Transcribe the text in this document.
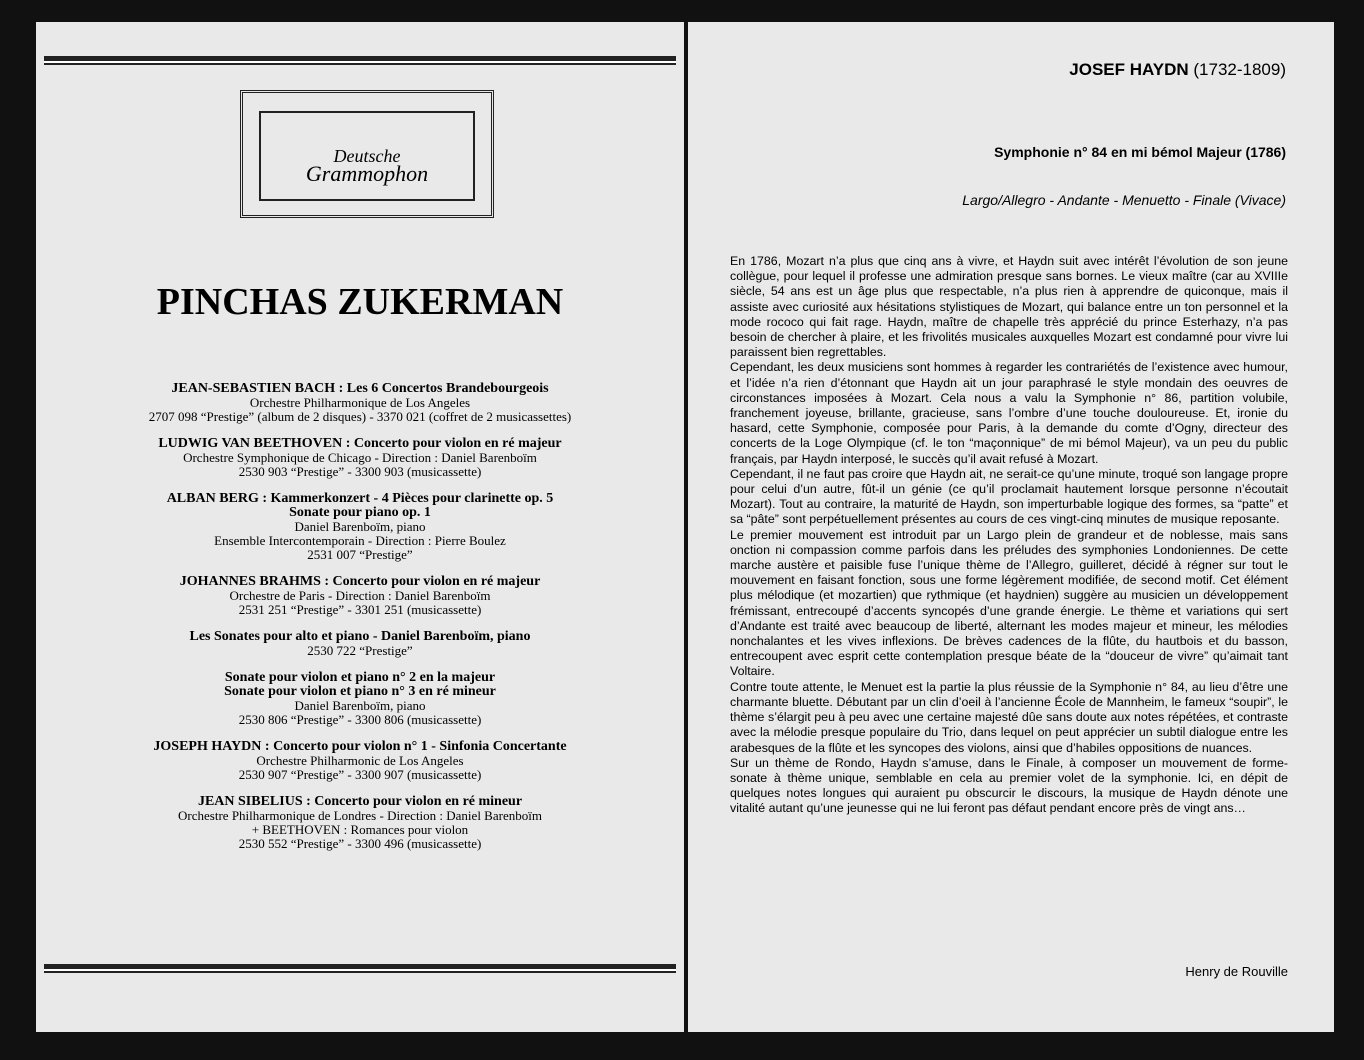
Deutsche
Grammophon
PINCHAS ZUKERMAN
JEAN-SEBASTIEN BACH : Les 6 Concertos Brandebourgeois
Orchestre Philharmonique de Los Angeles
2707 098 “Prestige” (album de 2 disques) - 3370 021 (coffret de 2 musicassettes)
LUDWIG VAN BEETHOVEN : Concerto pour violon en ré majeur
Orchestre Symphonique de Chicago - Direction : Daniel Barenboïm
2530 903 “Prestige” - 3300 903 (musicassette)
ALBAN BERG : Kammerkonzert - 4 Pièces pour clarinette op. 5
Sonate pour piano op. 1
Daniel Barenboïm, piano
Ensemble Intercontemporain - Direction : Pierre Boulez
2531 007 “Prestige”
JOHANNES BRAHMS : Concerto pour violon en ré majeur
Orchestre de Paris - Direction : Daniel Barenboïm
2531 251 “Prestige” - 3301 251 (musicassette)
Les Sonates pour alto et piano - Daniel Barenboïm, piano
2530 722 “Prestige”
Sonate pour violon et piano n° 2 en la majeur
Sonate pour violon et piano n° 3 en ré mineur
Daniel Barenboïm, piano
2530 806 “Prestige” - 3300 806 (musicassette)
JOSEPH HAYDN : Concerto pour violon n° 1 - Sinfonia Concertante
Orchestre Philharmonic de Los Angeles
2530 907 “Prestige” - 3300 907 (musicassette)
JEAN SIBELIUS : Concerto pour violon en ré mineur
Orchestre Philharmonique de Londres - Direction : Daniel Barenboïm
+ BEETHOVEN : Romances pour violon
2530 552 “Prestige” - 3300 496 (musicassette)
JOSEF HAYDN (1732-1809)
Symphonie n° 84 en mi bémol Majeur (1786)
Largo/Allegro - Andante - Menuetto - Finale (Vivace)

En 1786, Mozart n’a plus que cinq ans à vivre, et Haydn suit avec intérêt l’évolution de son jeune collègue, pour lequel il professe une admiration presque sans bornes. Le vieux maître (car au XVIIIe siècle, 54 ans est un âge plus que respectable, n’a plus rien à apprendre de quiconque, mais il assiste avec curiosité aux hésitations stylistiques de Mozart, qui balance entre un ton personnel et la mode rococo qui fait rage. Haydn, maître de chapelle très apprécié du prince Esterhazy, n’a pas besoin de chercher à plaire, et les frivolités musicales auxquelles Mozart est condamné pour vivre lui paraissent bien regrettables.

Cependant, les deux musiciens sont hommes à regarder les contrariétés de l’existence avec humour, et l’idée n’a rien d’étonnant que Haydn ait un jour paraphrasé le style mondain des oeuvres de circonstances imposées à Mozart. Cela nous a valu la Symphonie n° 86, partition volubile, franchement joyeuse, brillante, gracieuse, sans l’ombre d’une touche douloureuse. Et, ironie du hasard, cette Symphonie, composée pour Paris, à la demande du comte d’Ogny, directeur des concerts de la Loge Olympique (cf. le ton “maçonnique” de mi bémol Majeur), va un peu du public français, par Haydn interposé, le succès qu’il avait refusé à Mozart.

Cependant, il ne faut pas croire que Haydn ait, ne serait-ce qu’une minute, troqué son langage propre pour celui d’un autre, fût-il un génie (ce qu’il proclamait hautement lorsque personne n’écoutait Mozart). Tout au contraire, la maturité de Haydn, son imperturbable logique des formes, sa “patte” et sa “pâte” sont perpétuellement présentes au cours de ces vingt-cinq minutes de musique reposante.

Le premier mouvement est introduit par un Largo plein de grandeur et de noblesse, mais sans onction ni compassion comme parfois dans les préludes des symphonies Londoniennes. De cette marche austère et paisible fuse l’unique thème de l’Allegro, guilleret, décidé à régner sur tout le mouvement en faisant fonction, sous une forme légèrement modifiée, de second motif. Cet élément plus mélodique (et mozartien) que rythmique (et haydnien) suggère au musicien un développement frémissant, entrecoupé d’accents syncopés d’une grande énergie. Le thème et variations qui sert d’Andante est traité avec beaucoup de liberté, alternant les modes majeur et mineur, les mélodies nonchalantes et les vives inflexions. De brèves cadences de la flûte, du hautbois et du basson, entrecoupent avec esprit cette contemplation presque béate de la “douceur de vivre” qu’aimait tant Voltaire.

Contre toute attente, le Menuet est la partie la plus réussie de la Symphonie n° 84, au lieu d’être une charmante bluette. Débutant par un clin d’oeil à l’ancienne École de Mannheim, le fameux “soupir”, le thème s’élargit peu à peu avec une certaine majesté dûe sans doute aux notes répétées, et contraste avec la mélodie presque populaire du Trio, dans lequel on peut apprécier un subtil dialogue entre les arabesques de la flûte et les syncopes des violons, ainsi que d’habiles oppositions de nuances.

Sur un thème de Rondo, Haydn s’amuse, dans le Finale, à composer un mouvement de forme-sonate à thème unique, semblable en cela au premier volet de la symphonie. Ici, en dépit de quelques notes longues qui auraient pu obscurcir le discours, la musique de Haydn dénote une vitalité autant qu’une jeunesse qui ne lui feront pas défaut pendant encore près de vingt ans…

Henry de Rouville
